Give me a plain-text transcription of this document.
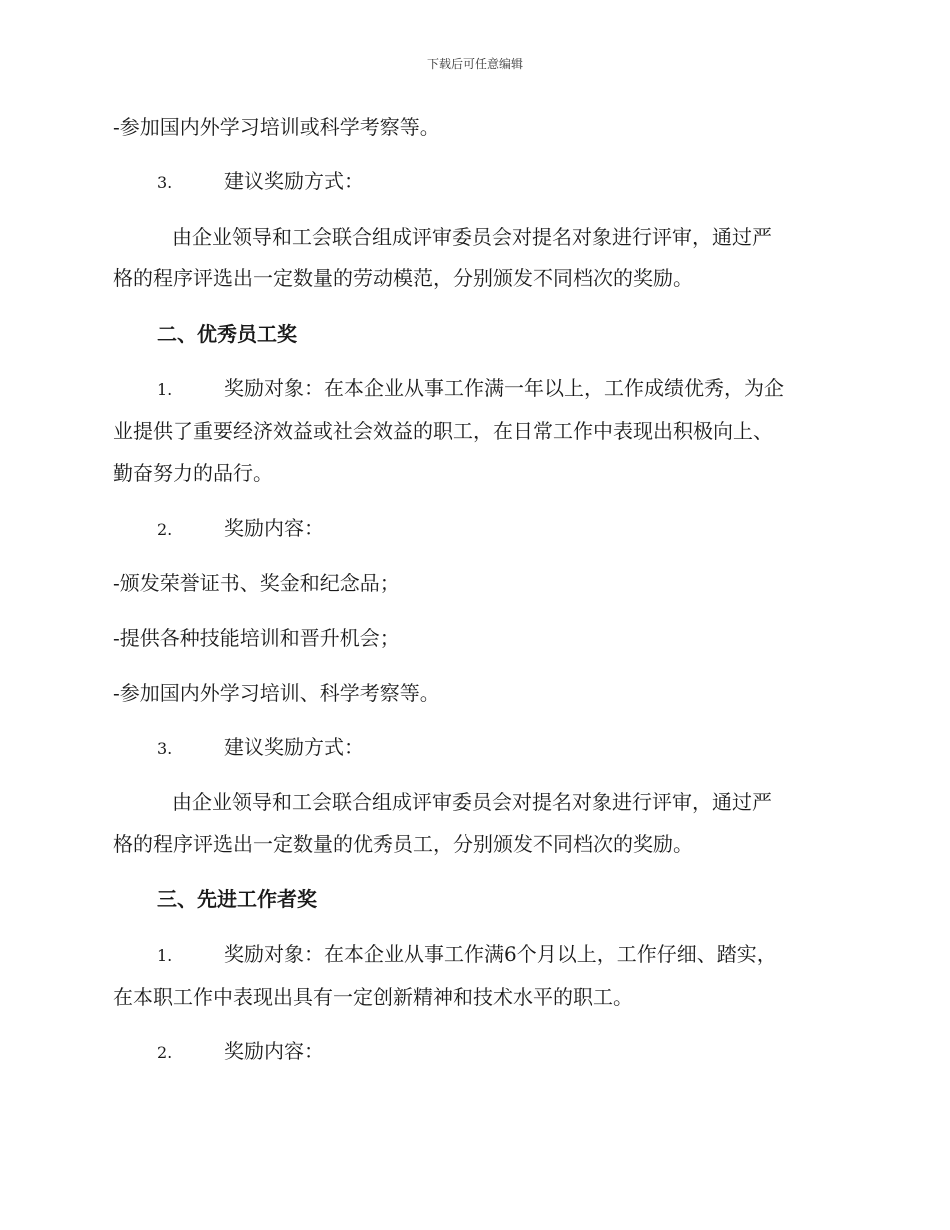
下载后可任意编辑
-参加国内外学习培训或科学考察等。
3.	建议奖励方式：
由企业领导和工会联合组成评审委员会对提名对象进行评审，通过严
格的程序评选出一定数量的劳动模范，分别颁发不同档次的奖励。
二、优秀员工奖
1.	奖励对象：在本企业从事工作满一年以上，工作成绩优秀，为企
业提供了重要经济效益或社会效益的职工，在日常工作中表现出积极向上、
勤奋努力的品行。
2.	奖励内容：
-颁发荣誉证书、奖金和纪念品；
-提供各种技能培训和晋升机会；
-参加国内外学习培训、科学考察等。
3.	建议奖励方式：
由企业领导和工会联合组成评审委员会对提名对象进行评审，通过严
格的程序评选出一定数量的优秀员工，分别颁发不同档次的奖励。
三、先进工作者奖
1.	奖励对象：在本企业从事工作满6个月以上，工作仔细、踏实，
在本职工作中表现出具有一定创新精神和技术水平的职工。
2.	奖励内容：
